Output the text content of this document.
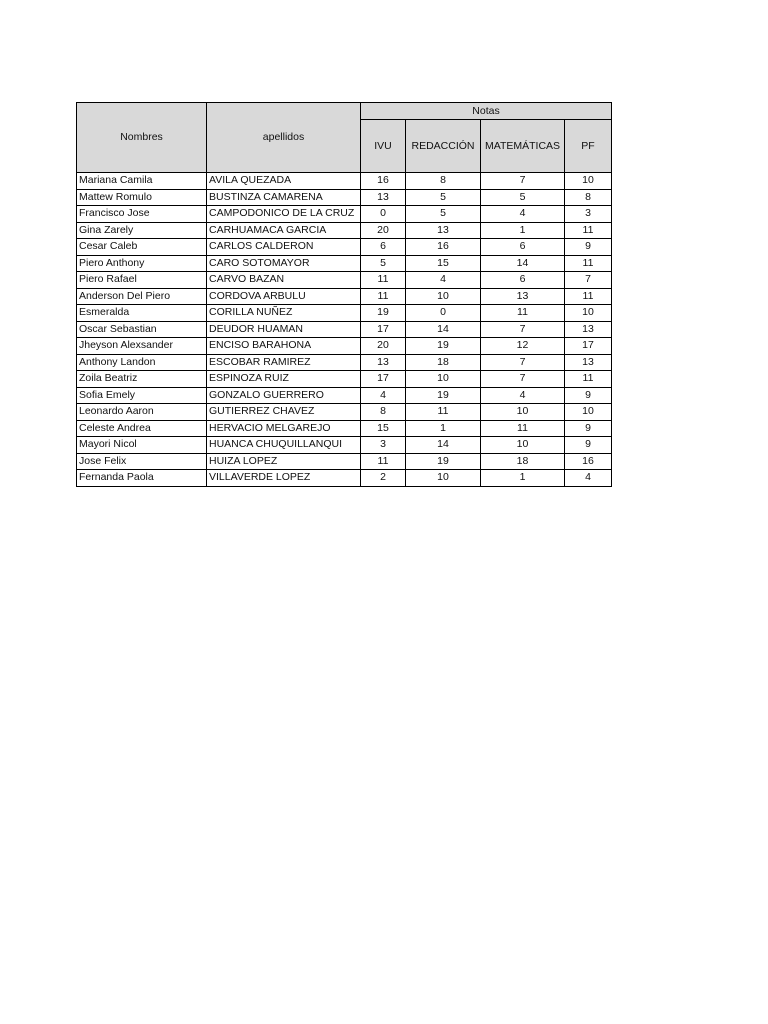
Nombres	apellidos	Notas			
		IVU	REDACCIÓN	MATEMÁTICAS	PF
Mariana Camila	AVILA QUEZADA	16	8	7	10
Mattew Romulo	BUSTINZA CAMARENA	13	5	5	8
Francisco Jose	CAMPODONICO DE LA CRUZ	0	5	4	3
Gina Zarely	CARHUAMACA GARCIA	20	13	1	11
Cesar Caleb	CARLOS CALDERON	6	16	6	9
Piero Anthony	CARO SOTOMAYOR	5	15	14	11
Piero Rafael	CARVO BAZAN	11	4	6	7
Anderson Del Piero	CORDOVA ARBULU	11	10	13	11
Esmeralda	CORILLA NUÑEZ	19	0	11	10
Oscar Sebastian	DEUDOR HUAMAN	17	14	7	13
Jheyson Alexsander	ENCISO BARAHONA	20	19	12	17
Anthony Landon	ESCOBAR RAMIREZ	13	18	7	13
Zoila Beatriz	ESPINOZA RUIZ	17	10	7	11
Sofia Emely	GONZALO GUERRERO	4	19	4	9
Leonardo Aaron	GUTIERREZ CHAVEZ	8	11	10	10
Celeste Andrea	HERVACIO MELGAREJO	15	1	11	9
Mayori Nicol	HUANCA CHUQUILLANQUI	3	14	10	9
Jose Felix	HUIZA LOPEZ	11	19	18	16
Fernanda Paola	VILLAVERDE LOPEZ	2	10	1	4
